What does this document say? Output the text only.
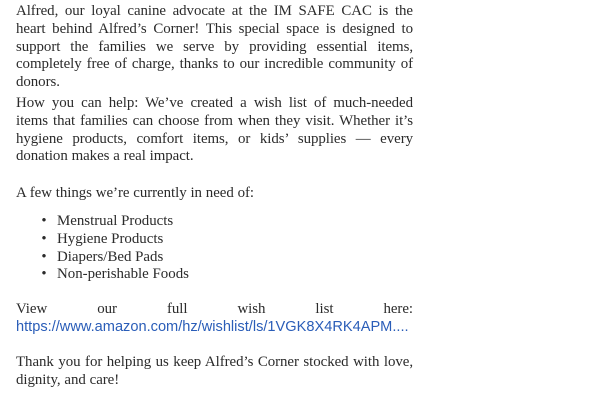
Alfred, our loyal canine advocate at the IM SAFE CAC is the heart behind Alfred’s Corner! This special space is designed to support the families we serve by providing essential items, completely free of charge, thanks to our incredible community of donors.

How you can help: We’ve created a wish list of much-needed items that families can choose from when they visit. Whether it’s hygiene products, comfort items, or kids’ supplies — every donation makes a real impact.

A few things we’re currently in need of:

• Menstrual Products
• Hygiene Products
• Diapers/Bed Pads
• Non-perishable Foods

View our full wish list here: https://www.amazon.com/hz/wishlist/ls/1VGK8X4RK4APM....

Thank you for helping us keep Alfred’s Corner stocked with love, dignity, and care!
